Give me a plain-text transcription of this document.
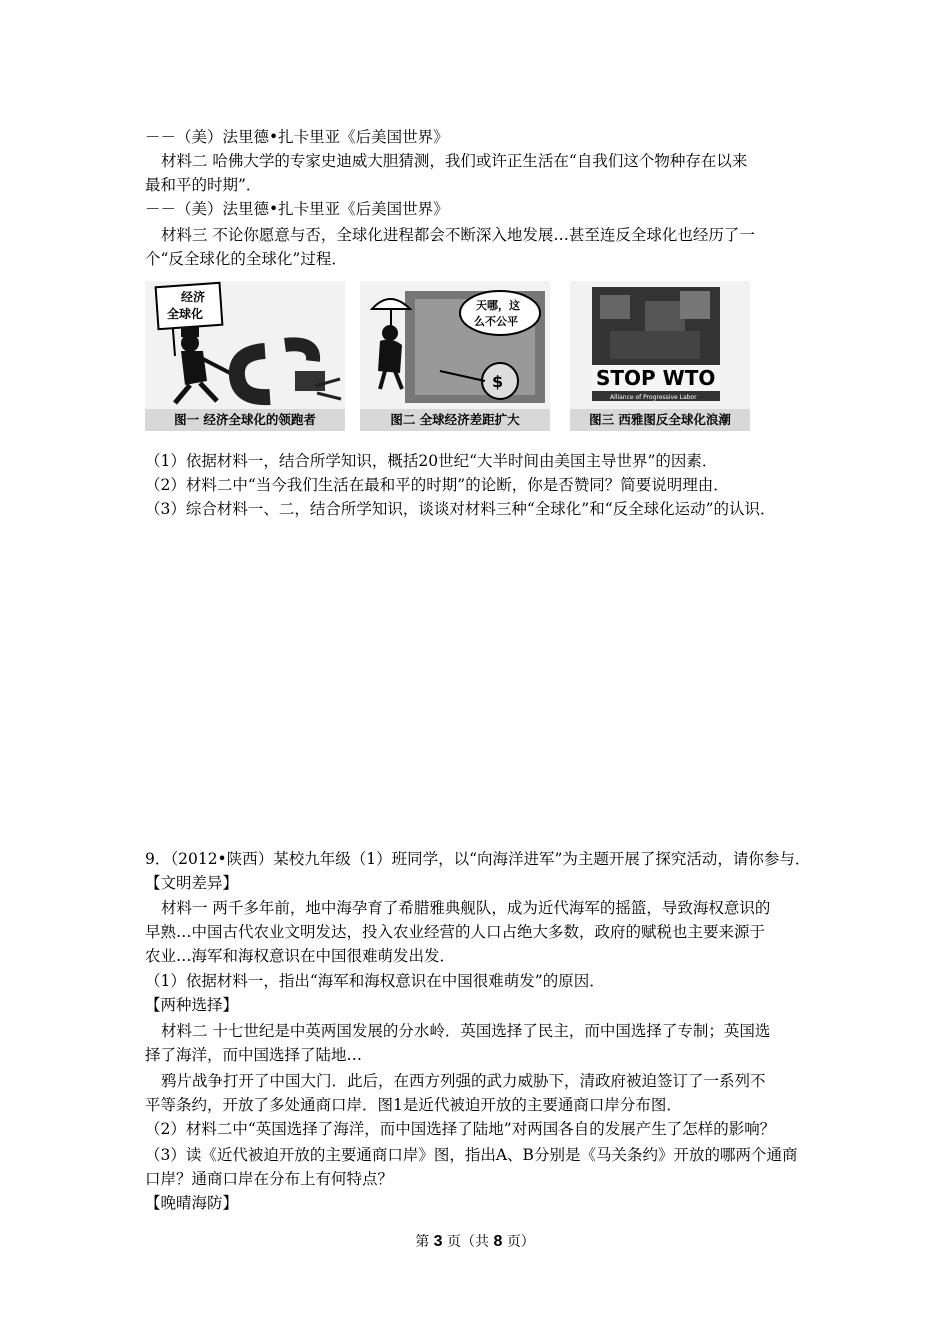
－－（美）法里德•扎卡里亚《后美国世界》
材料二 哈佛大学的专家史迪威大胆猜测，我们或许正生活在“自我们这个物种存在以来
最和平的时期”．
－－（美）法里德•扎卡里亚《后美国世界》
材料三 不论你愿意与否，全球化进程都会不断深入地发展…甚至连反全球化也经历了一
个“反全球化的全球化”过程．
经济
全球化
图一 经济全球化的领跑者
天哪，这
么不公平
$
图二 全球经济差距扩大
STOP WTO
Alliance of Progressive Labor
图三 西雅图反全球化浪潮
（1）依据材料一，结合所学知识，概括20世纪“大半时间由美国主导世界”的因素．
（2）材料二中“当今我们生活在最和平的时期”的论断，你是否赞同？简要说明理由．
（3）综合材料一、二，结合所学知识，谈谈对材料三种“全球化”和“反全球化运动”的认识．
9．（2012•陕西）某校九年级（1）班同学，以“向海洋进军”为主题开展了探究活动，请你参与．
【文明差异】
材料一 两千多年前，地中海孕育了希腊雅典舰队，成为近代海军的摇篮，导致海权意识的
早熟…中国古代农业文明发达，投入农业经营的人口占绝大多数，政府的赋税也主要来源于
农业…海军和海权意识在中国很难萌发出发．
（1）依据材料一，指出“海军和海权意识在中国很难萌发”的原因．
【两种选择】
材料二 十七世纪是中英两国发展的分水岭．英国选择了民主，而中国选择了专制；英国选
择了海洋，而中国选择了陆地…
鸦片战争打开了中国大门．此后，在西方列强的武力威胁下，清政府被迫签订了一系列不
平等条约，开放了多处通商口岸．图1是近代被迫开放的主要通商口岸分布图．
（2）材料二中“英国选择了海洋，而中国选择了陆地”对两国各自的发展产生了怎样的影响？
（3）读《近代被迫开放的主要通商口岸》图，指出A、B分别是《马关条约》开放的哪两个通商
口岸？通商口岸在分布上有何特点？
【晚晴海防】
第 3 页（共 8 页）
